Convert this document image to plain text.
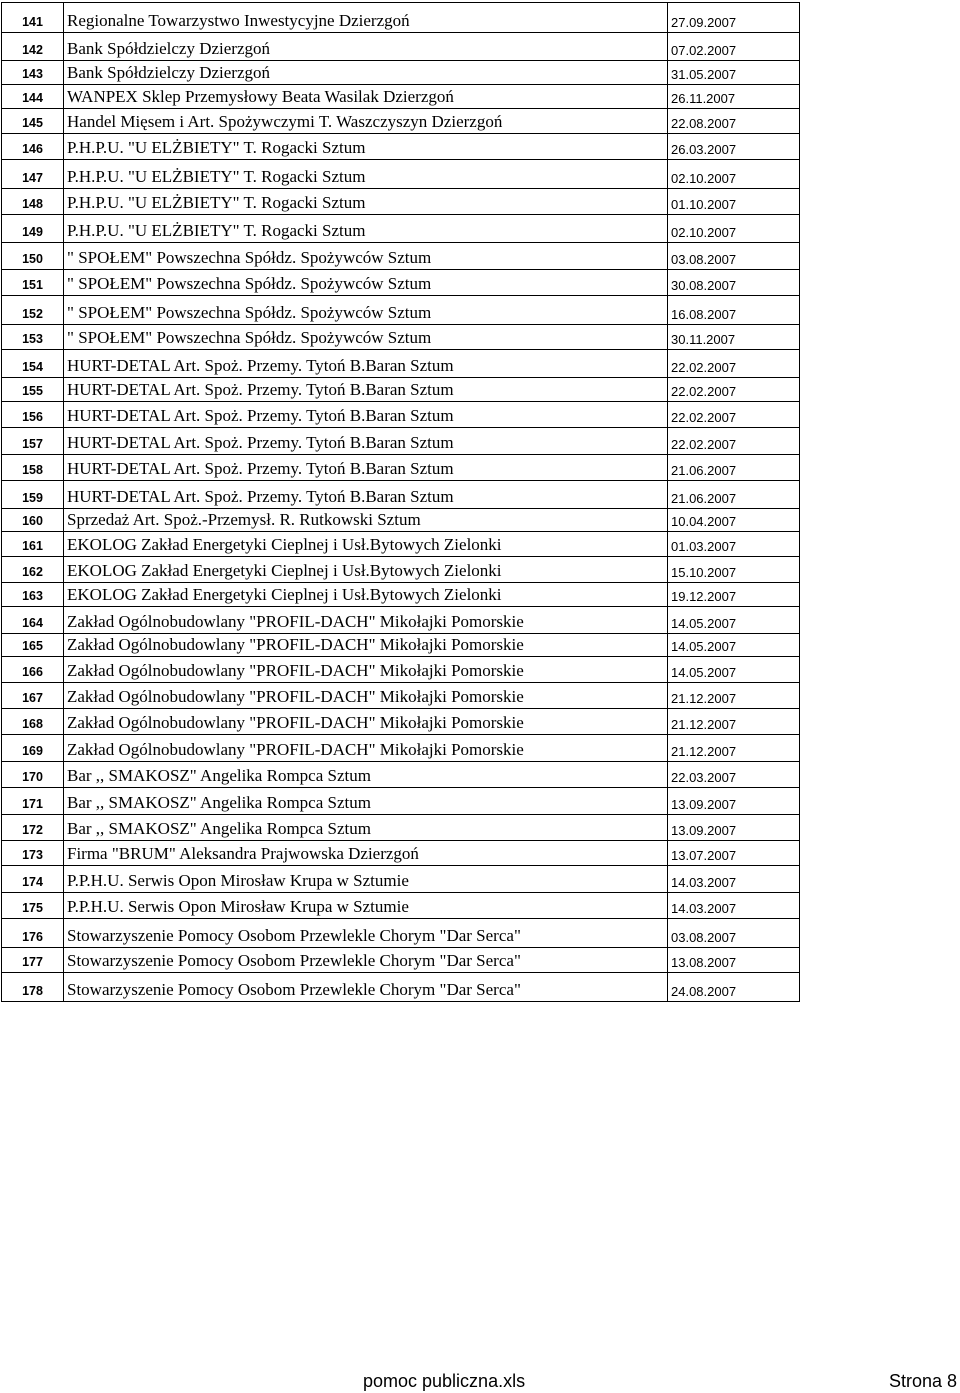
141	Regionalne Towarzystwo Inwestycyjne Dzierzgoń	27.09.2007
142	Bank Spółdzielczy Dzierzgoń	07.02.2007
143	Bank Spółdzielczy Dzierzgoń	31.05.2007
144	WANPEX Sklep Przemysłowy Beata Wasilak Dzierzgoń	26.11.2007
145	Handel Mięsem i Art. Spożywczymi T. Waszczyszyn Dzierzgoń	22.08.2007
146	P.H.P.U. "U ELŻBIETY" T. Rogacki Sztum	26.03.2007
147	P.H.P.U. "U ELŻBIETY" T. Rogacki Sztum	02.10.2007
148	P.H.P.U. "U ELŻBIETY" T. Rogacki Sztum	01.10.2007
149	P.H.P.U. "U ELŻBIETY" T. Rogacki Sztum	02.10.2007
150	" SPOŁEM" Powszechna Spółdz. Spożywców Sztum	03.08.2007
151	" SPOŁEM" Powszechna Spółdz. Spożywców Sztum	30.08.2007
152	" SPOŁEM" Powszechna Spółdz. Spożywców Sztum	16.08.2007
153	" SPOŁEM" Powszechna Spółdz. Spożywców Sztum	30.11.2007
154	HURT-DETAL Art. Spoż. Przemy. Tytoń B.Baran Sztum	22.02.2007
155	HURT-DETAL Art. Spoż. Przemy. Tytoń B.Baran Sztum	22.02.2007
156	HURT-DETAL Art. Spoż. Przemy. Tytoń B.Baran Sztum	22.02.2007
157	HURT-DETAL Art. Spoż. Przemy. Tytoń B.Baran Sztum	22.02.2007
158	HURT-DETAL Art. Spoż. Przemy. Tytoń B.Baran Sztum	21.06.2007
159	HURT-DETAL Art. Spoż. Przemy. Tytoń B.Baran Sztum	21.06.2007
160	Sprzedaż Art. Spoż.-Przemysł. R. Rutkowski Sztum	10.04.2007
161	EKOLOG Zakład Energetyki Cieplnej i Usł.Bytowych Zielonki	01.03.2007
162	EKOLOG Zakład Energetyki Cieplnej i Usł.Bytowych Zielonki	15.10.2007
163	EKOLOG Zakład Energetyki Cieplnej i Usł.Bytowych Zielonki	19.12.2007
164	Zakład Ogólnobudowlany "PROFIL-DACH" Mikołajki Pomorskie	14.05.2007
165	Zakład Ogólnobudowlany "PROFIL-DACH" Mikołajki Pomorskie	14.05.2007
166	Zakład Ogólnobudowlany "PROFIL-DACH" Mikołajki Pomorskie	14.05.2007
167	Zakład Ogólnobudowlany "PROFIL-DACH" Mikołajki Pomorskie	21.12.2007
168	Zakład Ogólnobudowlany "PROFIL-DACH" Mikołajki Pomorskie	21.12.2007
169	Zakład Ogólnobudowlany "PROFIL-DACH" Mikołajki Pomorskie	21.12.2007
170	Bar ,, SMAKOSZ" Angelika Rompca Sztum	22.03.2007
171	Bar ,, SMAKOSZ" Angelika Rompca Sztum	13.09.2007
172	Bar ,, SMAKOSZ" Angelika Rompca Sztum	13.09.2007
173	Firma "BRUM" Aleksandra Prajwowska Dzierzgoń	13.07.2007
174	P.P.H.U. Serwis Opon Mirosław Krupa w Sztumie	14.03.2007
175	P.P.H.U. Serwis Opon Mirosław Krupa w Sztumie	14.03.2007
176	Stowarzyszenie Pomocy Osobom Przewlekle Chorym "Dar Serca"	03.08.2007
177	Stowarzyszenie Pomocy Osobom Przewlekle Chorym "Dar Serca"	13.08.2007
178	Stowarzyszenie Pomocy Osobom Przewlekle Chorym "Dar Serca"	24.08.2007
pomoc publiczna.xls	Strona 8
